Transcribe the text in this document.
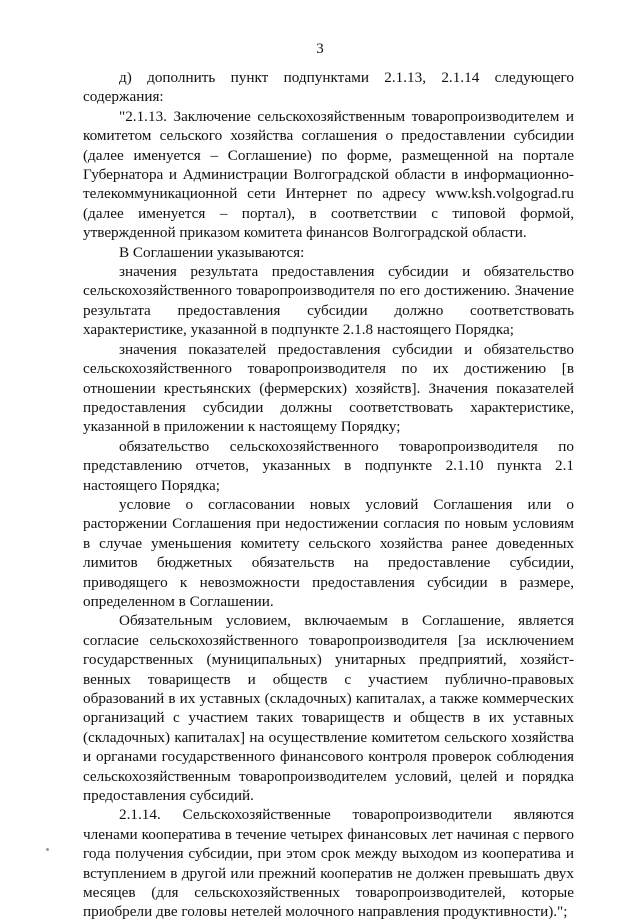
3

д) дополнить пункт подпунктами 2.1.13, 2.1.14 следующего содержания:

"2.1.13. Заключение сельскохозяйственным товаропроизводителем и комитетом сельского хозяйства соглашения о предоставлении субсидии (далее именуется – Соглашение) по форме, размещенной на портале Губернатора и Администрации Волгоградской области в информационно-телекоммуникационной сети Интернет по адресу www.ksh.volgograd.ru (далее именуется – портал), в соответствии с типовой формой, утвержденной приказом комитета финансов Волгоградской области.

В Соглашении указываются:

значения результата предоставления субсидии и обязательство сельскохозяйственного товаропроизводителя по его достижению. Значение результата предоставления субсидии должно соответствовать характеристике, указанной в подпункте 2.1.8 настоящего Порядка;

значения показателей предоставления субсидии и обязательство сельскохозяйственного товаропроизводителя по их достижению [в отношении крестьянских (фермерских) хозяйств]. Значения показателей предоставления субсидии должны соответствовать характеристике, указанной в приложении к настоящему Порядку;

обязательство сельскохозяйственного товаропроизводителя по представлению отчетов, указанных в подпункте 2.1.10 пункта 2.1 настоящего Порядка;

условие о согласовании новых условий Соглашения или о расторжении Соглашения при недостижении согласия по новым условиям в случае уменьшения комитету сельского хозяйства ранее доведенных лимитов бюджетных обязательств на предоставление субсидии, приводящего к невозможности предоставления субсидии в размере, определенном в Соглашении.

Обязательным условием, включаемым в Соглашение, является согласие сельскохозяйственного товаропроизводителя [за исключением государственных (муниципальных) унитарных предприятий, хозяйственных товариществ и обществ с участием публично-правовых образований в их уставных (складочных) капиталах, а также коммерческих организаций с участием таких товариществ и обществ в их уставных (складочных) капиталах] на осуществление комитетом сельского хозяйства и органами государственного финансового контроля проверок соблюдения сельскохозяйственным товаропроизводителем условий, целей и порядка предоставления субсидий.

2.1.14. Сельскохозяйственные товаропроизводители являются членами кооператива в течение четырех финансовых лет начиная с первого года получения субсидии, при этом срок между выходом из кооператива и вступлением в другой или прежний кооператив не должен превышать двух месяцев (для сельскохозяйственных товаропроизводителей, которые приобрели две головы нетелей молочного направления продуктивности).";
